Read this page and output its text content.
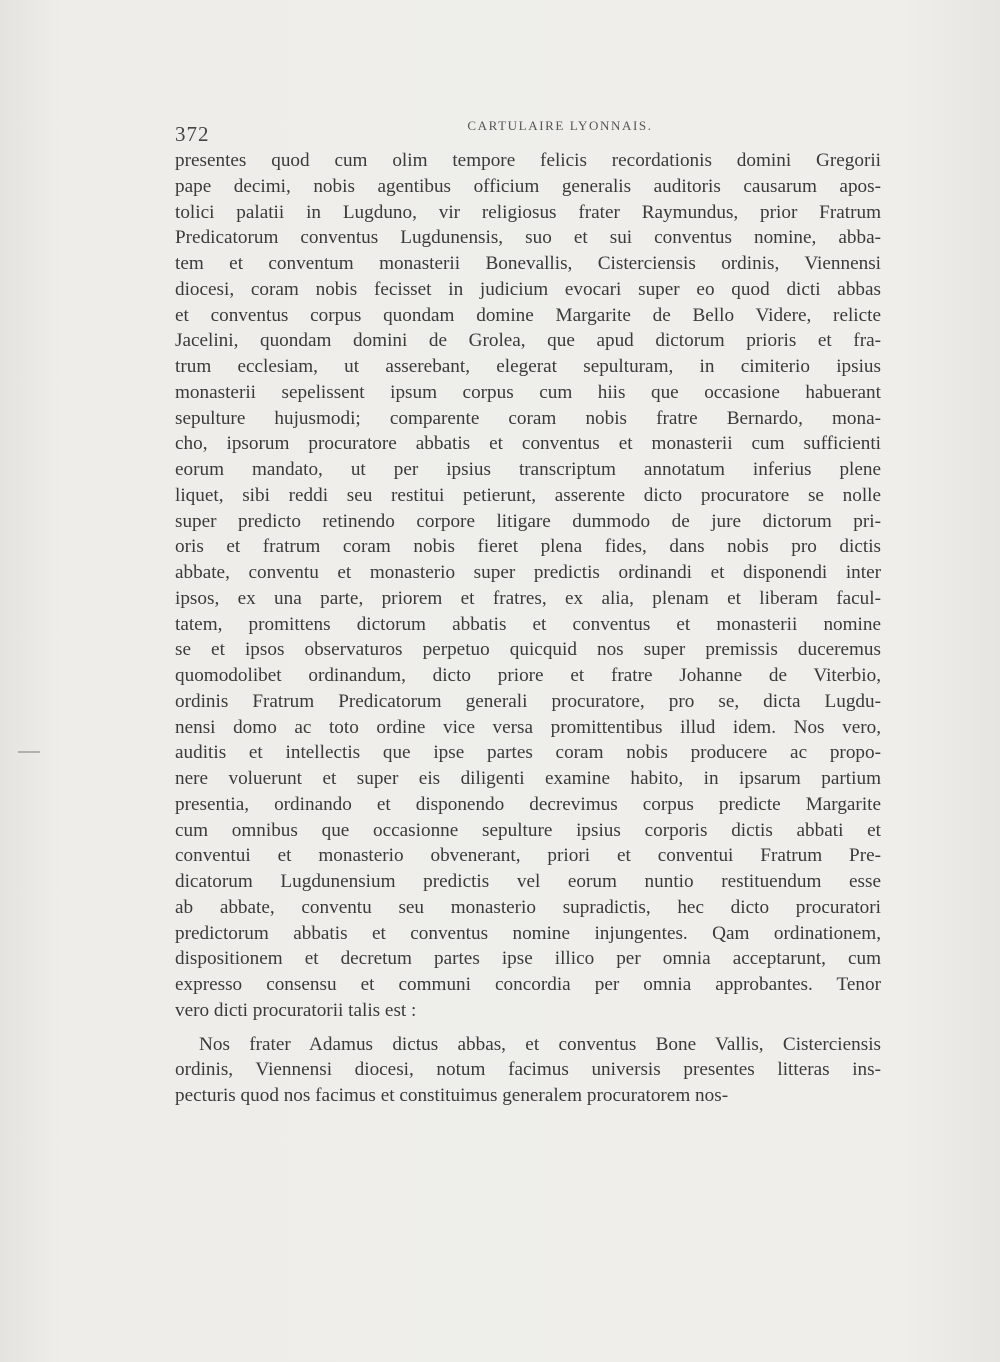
372	CARTULAIRE LYONNAIS.
presentes quod cum olim tempore felicis recordationis domini Gregorii
pape decimi, nobis agentibus officium generalis auditoris causarum apos-
tolici palatii in Lugduno, vir religiosus frater Raymundus, prior Fratrum
Predicatorum conventus Lugdunensis, suo et sui conventus nomine, abba-
tem et conventum monasterii Bonevallis, Cisterciensis ordinis, Viennensi
diocesi, coram nobis fecisset in judicium evocari super eo quod dicti abbas
et conventus corpus quondam domine Margarite de Bello Videre, relicte
Jacelini, quondam domini de Grolea, que apud dictorum prioris et fra-
trum ecclesiam, ut asserebant, elegerat sepulturam, in cimiterio ipsius
monasterii sepelissent ipsum corpus cum hiis que occasione habuerant
sepulture hujusmodi; comparente coram nobis fratre Bernardo, mona-
cho, ipsorum procuratore abbatis et conventus et monasterii cum sufficienti
eorum mandato, ut per ipsius transcriptum annotatum inferius plene
liquet, sibi reddi seu restitui petierunt, asserente dicto procuratore se nolle
super predicto retinendo corpore litigare dummodo de jure dictorum pri-
oris et fratrum coram nobis fieret plena fides, dans nobis pro dictis
abbate, conventu et monasterio super predictis ordinandi et disponendi inter
ipsos, ex una parte, priorem et fratres, ex alia, plenam et liberam facul-
tatem, promittens dictorum abbatis et conventus et monasterii nomine
se et ipsos observaturos perpetuo quicquid nos super premissis duceremus
quomodolibet ordinandum, dicto priore et fratre Johanne de Viterbio,
ordinis Fratrum Predicatorum generali procuratore, pro se, dicta Lugdu-
nensi domo ac toto ordine vice versa promittentibus illud idem. Nos vero,
auditis et intellectis que ipse partes coram nobis producere ac propo-
nere voluerunt et super eis diligenti examine habito, in ipsarum partium
presentia, ordinando et disponendo decrevimus corpus predicte Margarite
cum omnibus que occasionne sepulture ipsius corporis dictis abbati et
conventui et monasterio obvenerant, priori et conventui Fratrum Pre-
dicatorum Lugdunensium predictis vel eorum nuntio restituendum esse
ab abbate, conventu seu monasterio supradictis, hec dicto procuratori
predictorum abbatis et conventus nomine injungentes. Qam ordinationem,
dispositionem et decretum partes ipse illico per omnia acceptarunt, cum
expresso consensu et communi concordia per omnia approbantes. Tenor
vero dicti procuratorii talis est :
Nos frater Adamus dictus abbas, et conventus Bone Vallis, Cisterciensis
ordinis, Viennensi diocesi, notum facimus universis presentes litteras ins-
pecturis quod nos facimus et constituimus generalem procuratorem nos-
